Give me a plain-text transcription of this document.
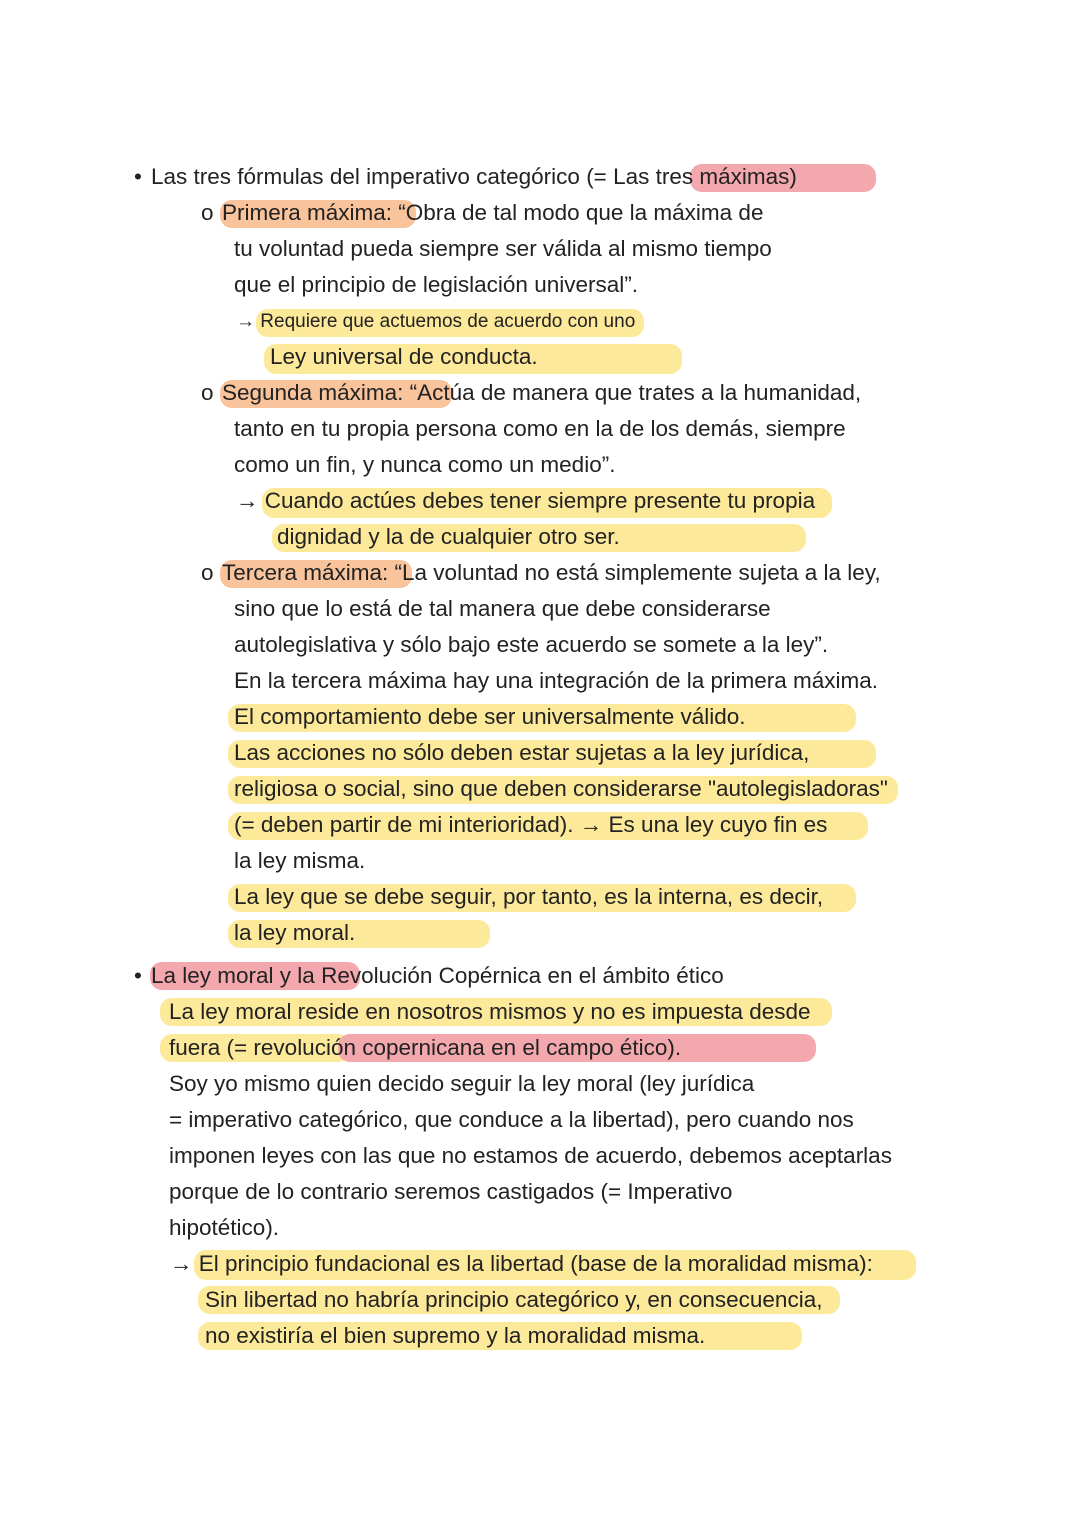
• Las tres fórmulas del imperativo categórico (= Las tres máximas)
o Primera máxima: “Obra de tal modo que la máxima de
tu voluntad pueda siempre ser válida al mismo tiempo
que el principio de legislación universal”.
→ Requiere que actuemos de acuerdo con uno
Ley universal de conducta.
o Segunda máxima: “Actúa de manera que trates a la humanidad,
tanto en tu propia persona como en la de los demás, siempre
como un fin, y nunca como un medio”.
→ Cuando actúes debes tener siempre presente tu propia
dignidad y la de cualquier otro ser.
o Tercera máxima: “La voluntad no está simplemente sujeta a la ley,
sino que lo está de tal manera que debe considerarse
autolegislativa y sólo bajo este acuerdo se somete a la ley”.
En la tercera máxima hay una integración de la primera máxima.
El comportamiento debe ser universalmente válido.
Las acciones no sólo deben estar sujetas a la ley jurídica,
religiosa o social, sino que deben considerarse "autolegisladoras"
(= deben partir de mi interioridad). → Es una ley cuyo fin es
la ley misma.
La ley que se debe seguir, por tanto, es la interna, es decir,
la ley moral.
• La ley moral y la Revolución Copérnica en el ámbito ético
La ley moral reside en nosotros mismos y no es impuesta desde
fuera (= revolución copernicana en el campo ético).
Soy yo mismo quien decido seguir la ley moral (ley jurídica
= imperativo categórico, que conduce a la libertad), pero cuando nos
imponen leyes con las que no estamos de acuerdo, debemos aceptarlas
porque de lo contrario seremos castigados (= Imperativo
hipotético).
→ El principio fundacional es la libertad (base de la moralidad misma):
Sin libertad no habría principio categórico y, en consecuencia,
no existiría el bien supremo y la moralidad misma.
